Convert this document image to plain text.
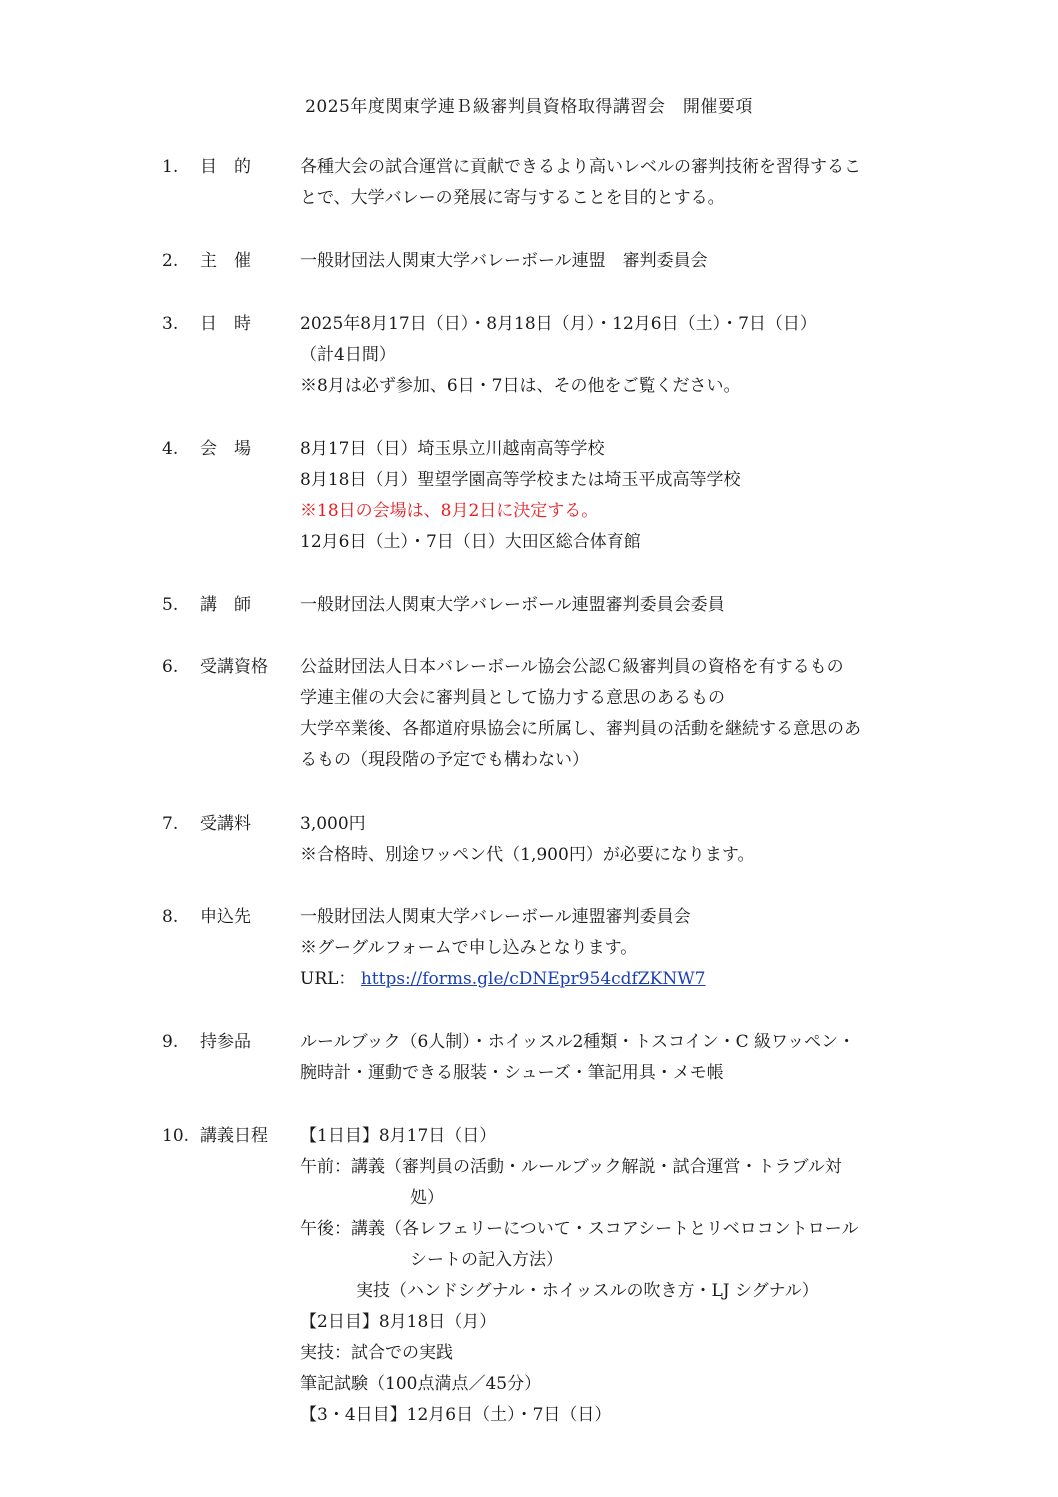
2025年度関東学連Ｂ級審判員資格取得講習会　開催要項
1. 目　的	各種大会の試合運営に貢献できるより高いレベルの審判技術を習得するこ
とで、大学バレーの発展に寄与することを目的とする。
2. 主　催	一般財団法人関東大学バレーボール連盟　審判委員会
3. 日　時	2025年8月17日（日）・8月18日（月）・12月6日（土）・7日（日）
（計4日間）
※8月は必ず参加、6日・7日は、その他をご覧ください。
4. 会　場	8月17日（日）埼玉県立川越南高等学校
8月18日（月）聖望学園高等学校または埼玉平成高等学校
※18日の会場は、8月2日に決定する。
12月6日（土）・7日（日）大田区総合体育館
5. 講　師	一般財団法人関東大学バレーボール連盟審判委員会委員
6. 受講資格 公益財団法人日本バレーボール協会公認Ｃ級審判員の資格を有するもの
学連主催の大会に審判員として協力する意思のあるもの
大学卒業後、各都道府県協会に所属し、審判員の活動を継続する意思のあ
るもの（現段階の予定でも構わない）
7. 受講料	3,000円
※合格時、別途ワッペン代（1,900円）が必要になります。
8. 申込先	一般財団法人関東大学バレーボール連盟審判委員会
※グーグルフォームで申し込みとなります。
URL： https://forms.gle/cDNEpr954cdfZKNW7
9. 持参品	ルールブック（6人制）・ホイッスル2種類・トスコイン・C 級ワッペン・
腕時計・運動できる服装・シューズ・筆記用具・メモ帳
10. 講義日程 【1日目】8月17日（日）
午前：講義（審判員の活動・ルールブック解説・試合運営・トラブル対
処）
午後：講義（各レフェリーについて・スコアシートとリベロコントロール
シートの記入方法）
実技（ハンドシグナル・ホイッスルの吹き方・LJ シグナル）
【2日目】8月18日（月）
実技：試合での実践
筆記試験（100点満点／45分）
【3・4日目】12月6日（土）・7日（日）
